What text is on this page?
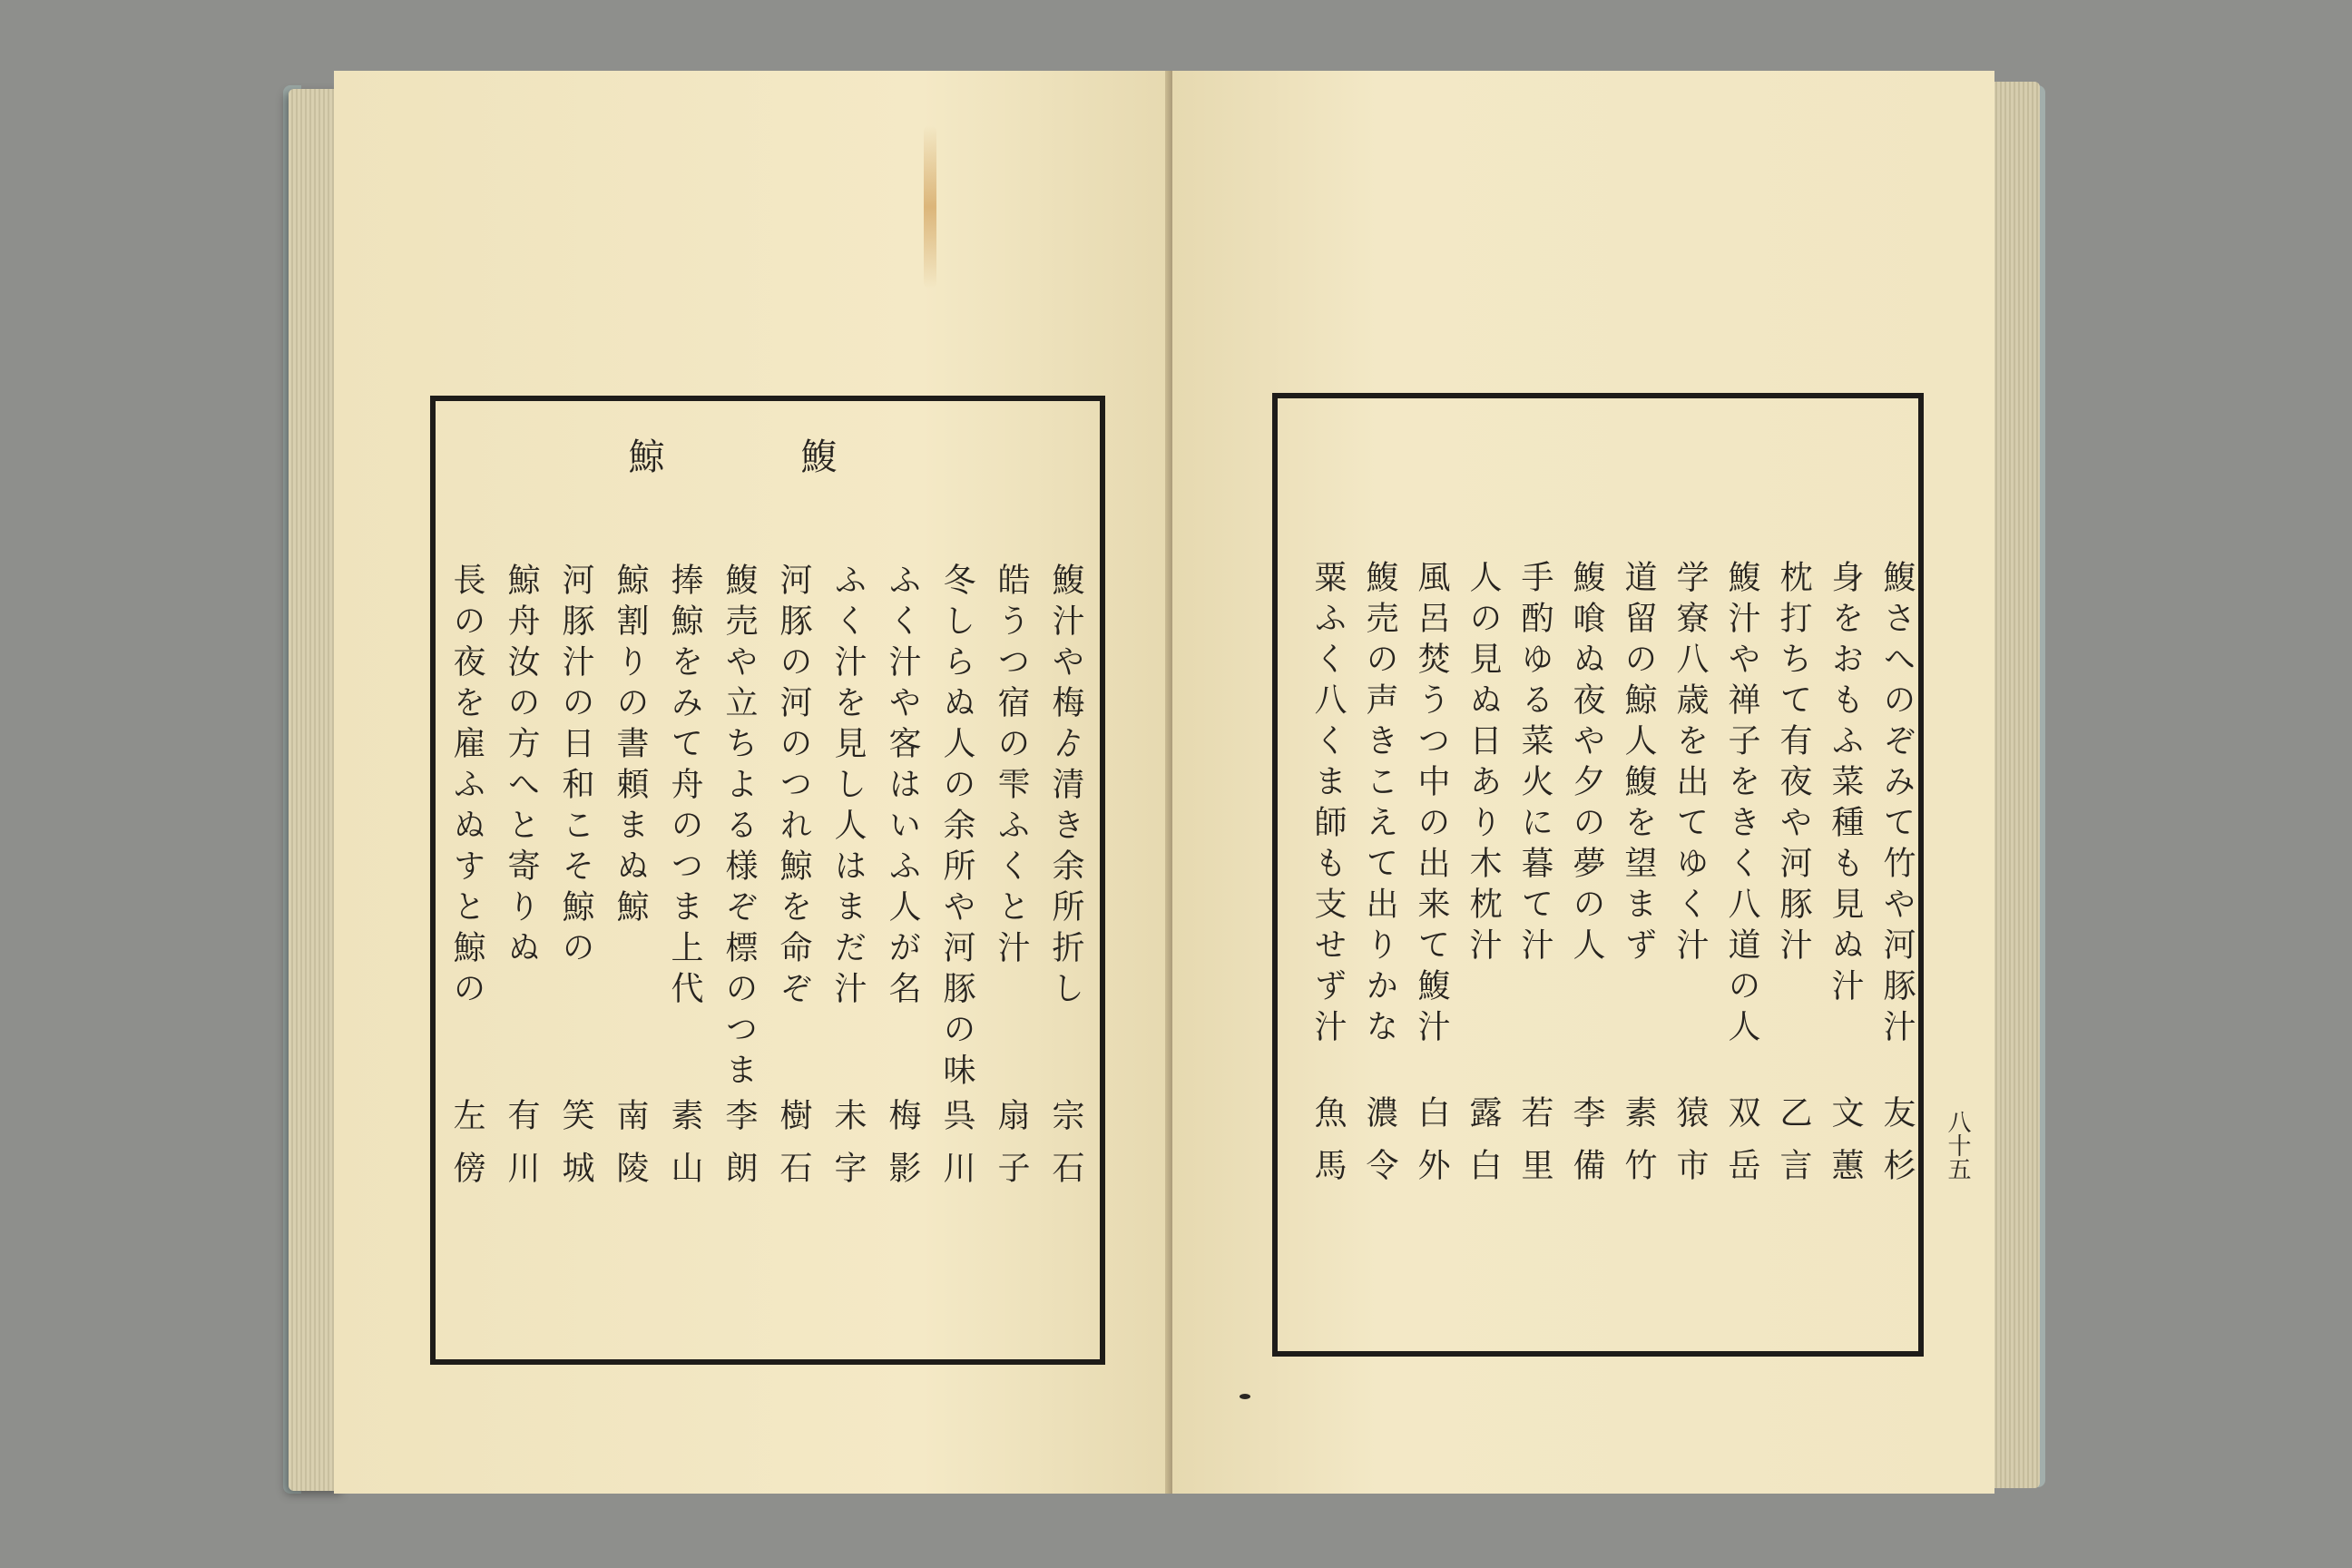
鰒
鯨
鰒汁や梅ゟ清き余所折し
宗石
皓うつ宿の雫ふくと汁
扇子
冬しらぬ人の余所や河豚の味
呉川
ふく汁や客はいふ人が名
梅影
ふく汁を見し人はまだ汁
未字
河豚の河のつれ鯨を命ぞ
樹石
鰒売や立ちよる様ぞ標のつま
李朗
捧鯨をみて舟のつま上代
素山
鯨割りの書頼まぬ鯨
南陵
河豚汁の日和こそ鯨の
笑城
鯨舟汝の方へと寄りぬ
有川
長の夜を雇ふぬすと鯨の
左傍
鰒さへのぞみて竹や河豚汁
友杉
身をおもふ菜種も見ぬ汁
文蕙
枕打ちて有夜や河豚汁
乙言
鰒汁や禅子をきく八道の人
双岳
学寮八歳を出てゆく汁
猿市
道留の鯨人鰒を望まず
素竹
鰒喰ぬ夜や夕の夢の人
李備
手酌ゆる菜火に暮て汁
若里
人の見ぬ日あり木枕汁
露白
風呂焚うつ中の出来て鰒汁
白外
鰒売の声きこえて出りかな
濃令
粟ふく八くま師も支せず汁
魚馬	八十五
